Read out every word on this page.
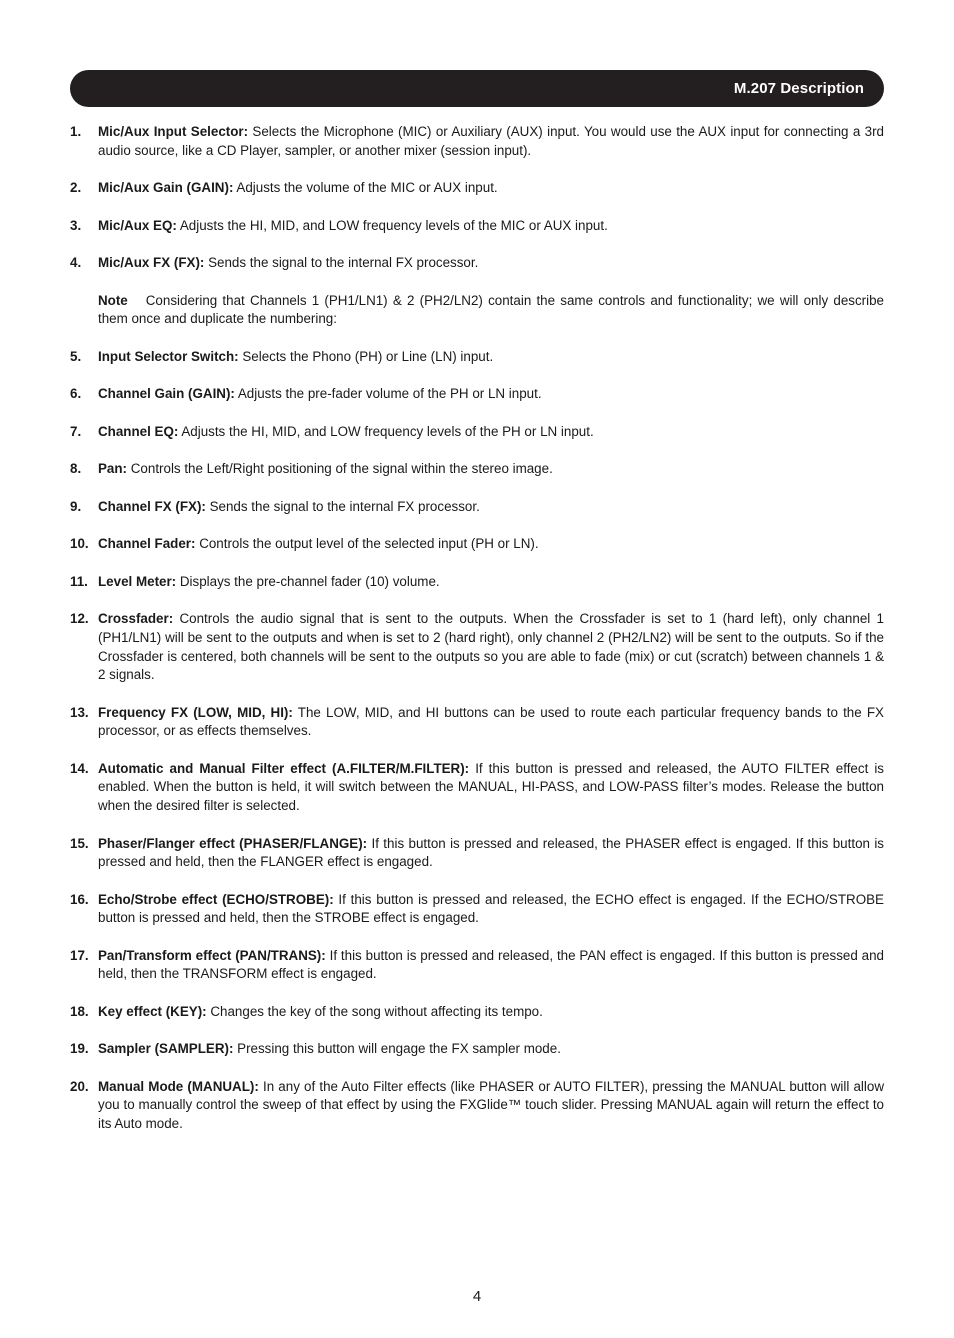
M.207 Description
1.	Mic/Aux Input Selector: Selects the Microphone (MIC) or Auxiliary (AUX) input. You would use the AUX input for connecting a 3rd audio source, like a CD Player, sampler, or another mixer (session input).
2.	Mic/Aux Gain (GAIN): Adjusts the volume of the MIC or AUX input.
3.	Mic/Aux EQ: Adjusts the HI, MID, and LOW frequency levels of the MIC or AUX input.
4.	Mic/Aux FX (FX): Sends the signal to the internal FX processor.
Note Considering that Channels 1 (PH1/LN1) & 2 (PH2/LN2) contain the same controls and functionality; we will only describe them once and duplicate the numbering:
5.	Input Selector Switch: Selects the Phono (PH) or Line (LN) input.
6.	Channel Gain (GAIN): Adjusts the pre-fader volume of the PH or LN input.
7.	Channel EQ: Adjusts the HI, MID, and LOW frequency levels of the PH or LN input.
8.	Pan: Controls the Left/Right positioning of the signal within the stereo image.
9.	Channel FX (FX): Sends the signal to the internal FX processor.
10. Channel Fader: Controls the output level of the selected input (PH or LN).
11. Level Meter: Displays the pre-channel fader (10) volume.
12. Crossfader: Controls the audio signal that is sent to the outputs. When the Crossfader is set to 1 (hard left), only channel 1 (PH1/LN1) will be sent to the outputs and when is set to 2 (hard right), only channel 2 (PH2/LN2) will be sent to the outputs. So if the Crossfader is centered, both channels will be sent to the outputs so you are able to fade (mix) or cut (scratch) between channels 1 & 2 signals.
13. Frequency FX (LOW, MID, HI): The LOW, MID, and HI buttons can be used to route each particular frequency bands to the FX processor, or as effects themselves.
14. Automatic and Manual Filter effect (A.FILTER/M.FILTER): If this button is pressed and released, the AUTO FILTER effect is enabled. When the button is held, it will switch between the MANUAL, HI-PASS, and LOW-PASS filter’s modes. Release the button when the desired filter is selected.
15. Phaser/Flanger effect (PHASER/FLANGE): If this button is pressed and released, the PHASER effect is engaged. If this button is pressed and held, then the FLANGER effect is engaged.
16. Echo/Strobe effect (ECHO/STROBE): If this button is pressed and released, the ECHO effect is engaged. If the ECHO/STROBE button is pressed and held, then the STROBE effect is engaged.
17. Pan/Transform effect (PAN/TRANS): If this button is pressed and released, the PAN effect is engaged. If this button is pressed and held, then the TRANSFORM effect is engaged.
18. Key effect (KEY): Changes the key of the song without affecting its tempo.
19. Sampler (SAMPLER): Pressing this button will engage the FX sampler mode.
20. Manual Mode (MANUAL): In any of the Auto Filter effects (like PHASER or AUTO FILTER), pressing the MANUAL button will allow you to manually control the sweep of that effect by using the FXGlide™ touch slider. Pressing MANUAL again will return the effect to its Auto mode.
4
